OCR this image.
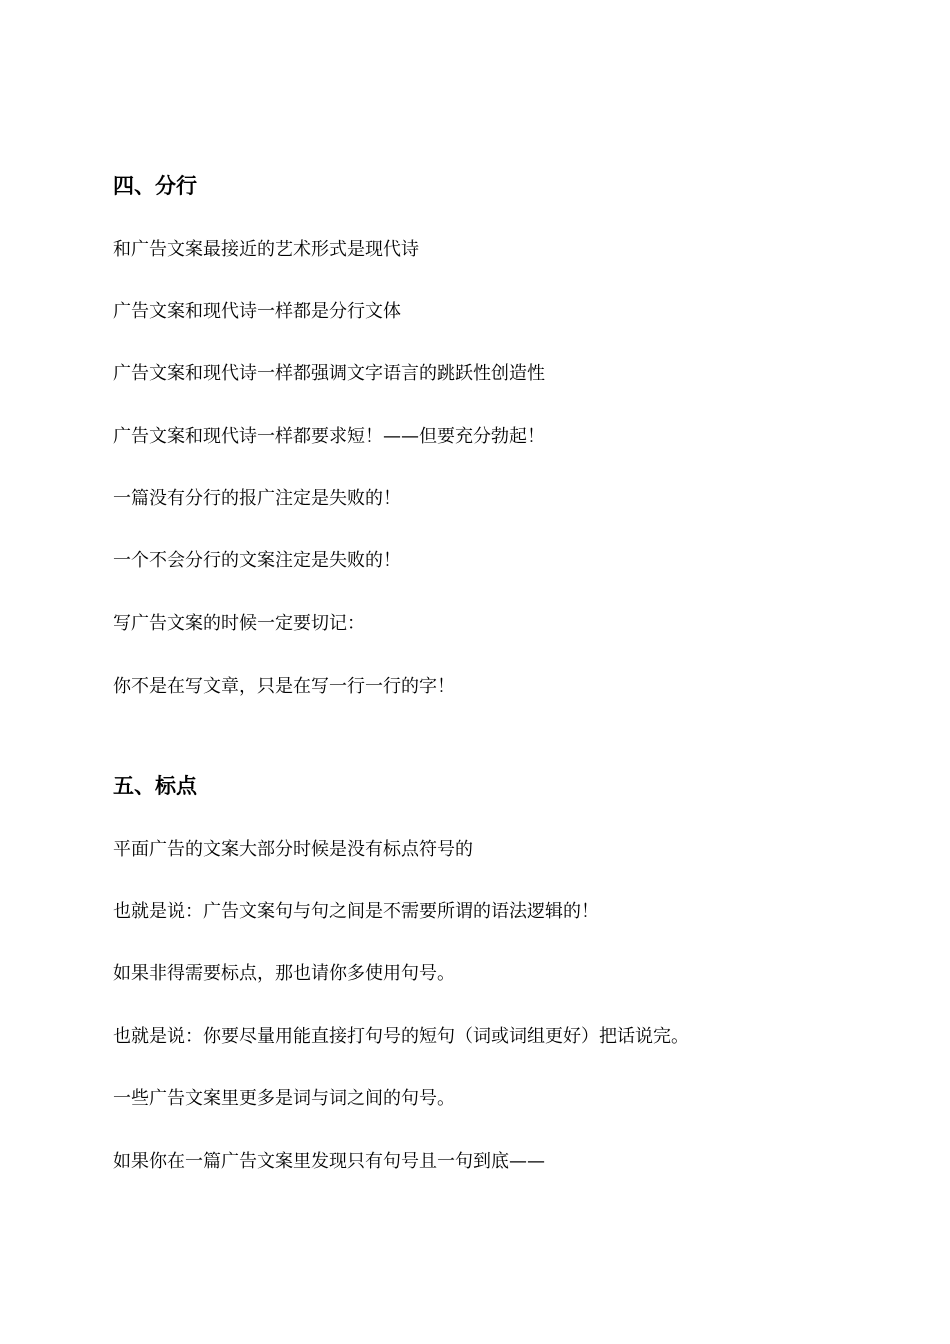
四、分行
和广告文案最接近的艺术形式是现代诗
广告文案和现代诗一样都是分行文体
广告文案和现代诗一样都强调文字语言的跳跃性创造性
广告文案和现代诗一样都要求短！——但要充分勃起！
一篇没有分行的报广注定是失败的！
一个不会分行的文案注定是失败的！
写广告文案的时候一定要切记：
你不是在写文章，只是在写一行一行的字！
五、标点
平面广告的文案大部分时候是没有标点符号的
也就是说：广告文案句与句之间是不需要所谓的语法逻辑的！
如果非得需要标点，那也请你多使用句号。
也就是说：你要尽量用能直接打句号的短句（词或词组更好）把话说完。
一些广告文案里更多是词与词之间的句号。
如果你在一篇广告文案里发现只有句号且一句到底——
